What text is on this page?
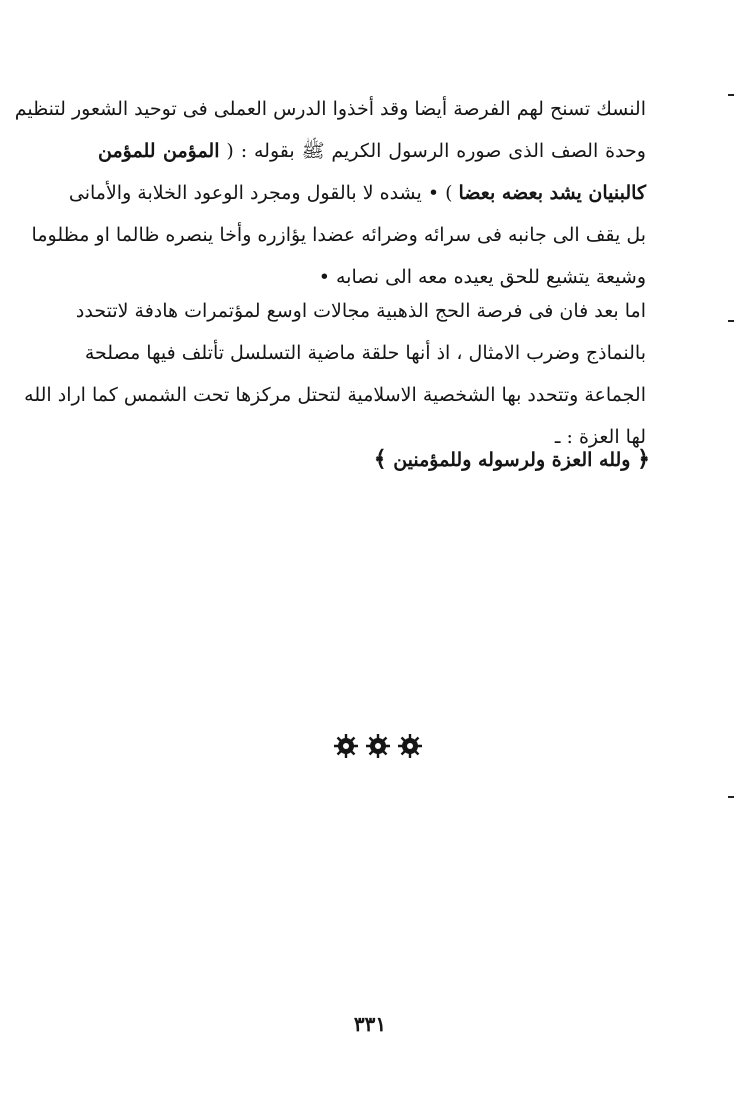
النسك تسنح لهم الفرصة أيضا وقد أخذوا الدرس العملى فى توحيد الشعور لتنظيم
وحدة الصف الذى صوره الرسول الكريم ﷺ بقوله : ( المؤمن للمؤمن
كالبنيان يشد بعضه بعضا ) • يشده لا بالقول ومجرد الوعود الخلابة والأمانى
بل يقف الى جانبه فى سرائه وضرائه عضدا يؤازره وأخا ينصره ظالما او مظلوما
وشيعة يتشيع للحق يعيده معه الى نصابه •
اما بعد فان فى فرصة الحج الذهبية مجالات اوسع لمؤتمرات هادفة لاتتحدد
بالنماذج وضرب الامثال ، اذ أنها حلقة ماضية التسلسل تأتلف فيها مصلحة
الجماعة وتتحدد بها الشخصية الاسلامية لتحتل مركزها تحت الشمس كما اراد الله
لها العزة : ـ
﴿ ولله العزة ولرسوله وللمؤمنين ﴾
٣٣١
